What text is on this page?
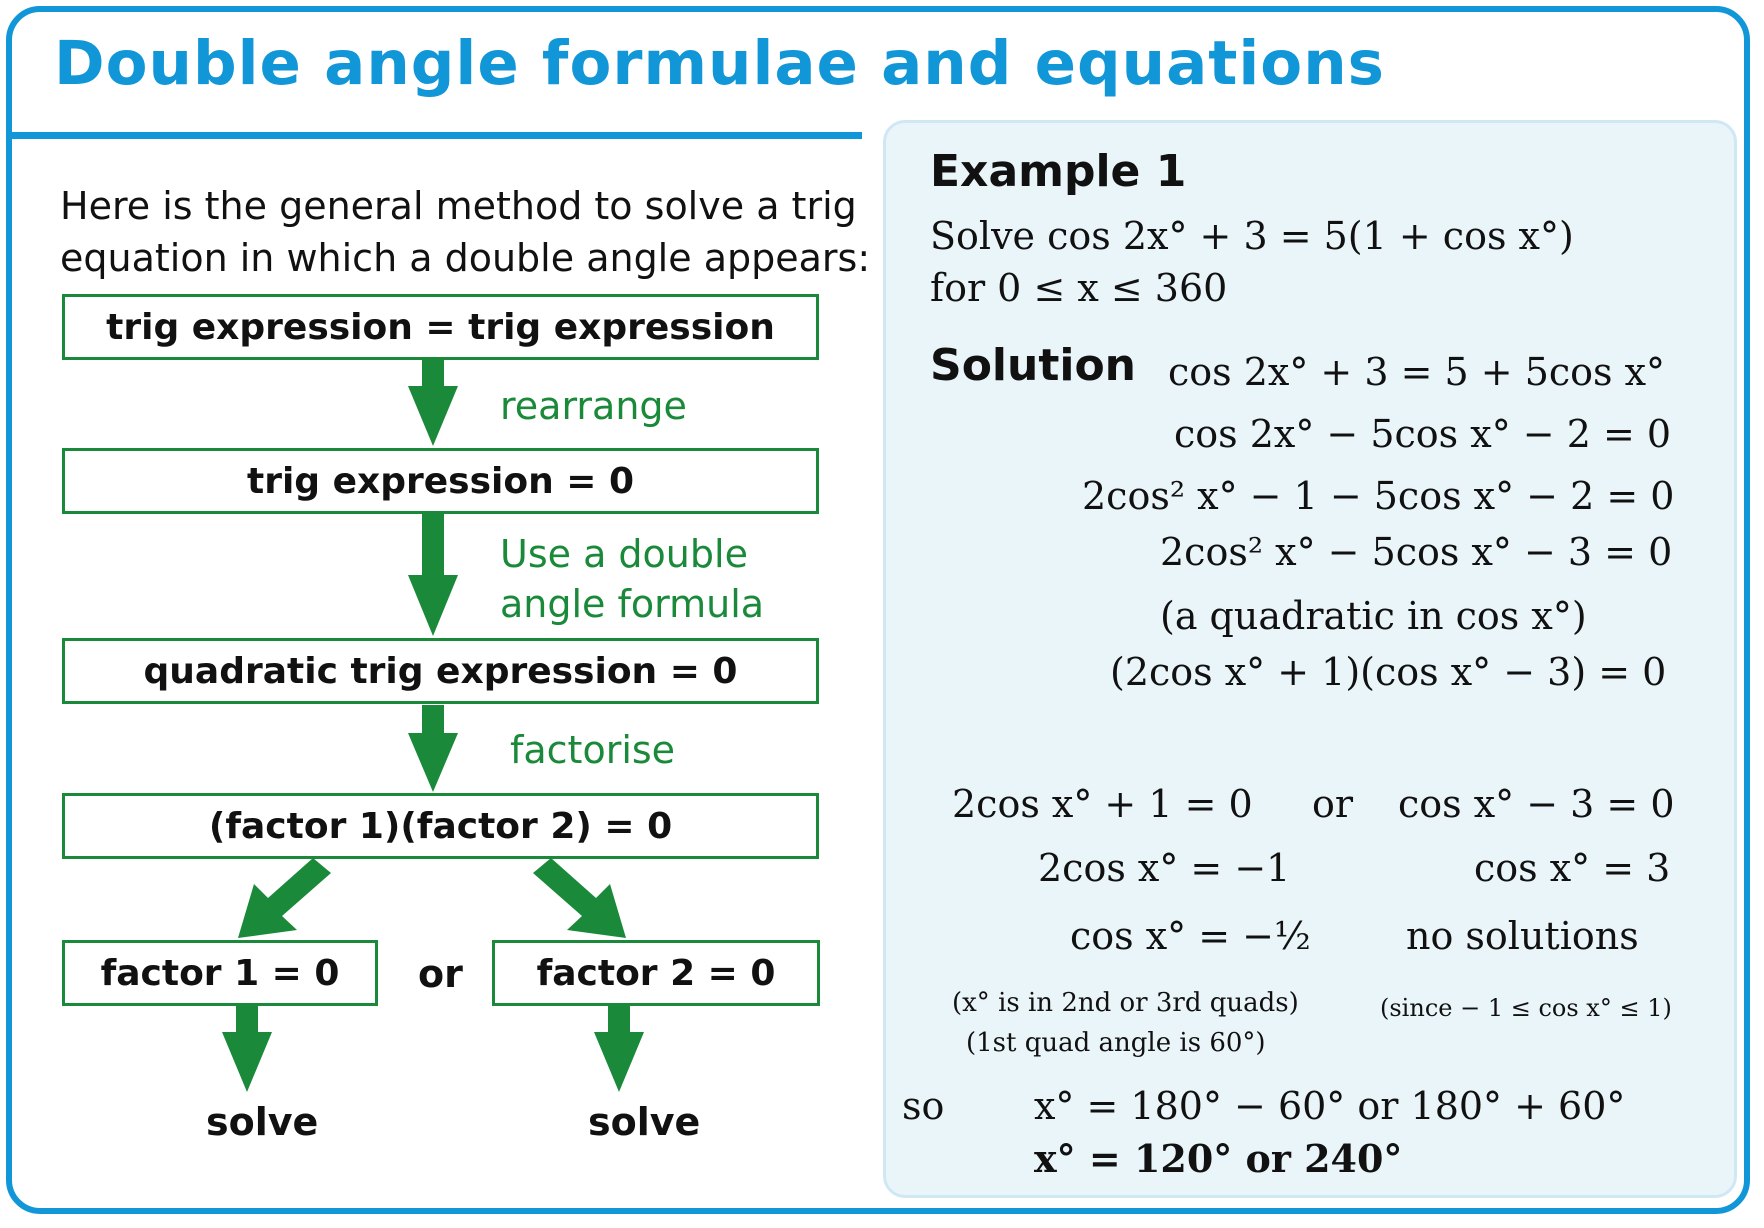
Double angle formulae and equations
Here is the general method to solve a trig
equation in which a double angle appears:
trig expression = trig expression
rearrange
trig expression = 0
Use a double
angle formula
quadratic trig expression = 0
factorise
(factor 1)(factor 2) = 0
factor 1 = 0	or	factor 2 = 0
solve	solve
Example 1
Solve cos 2x° + 3 = 5(1 + cos x°)
for 0 ≤ x ≤ 360
Solution cos 2x° + 3 = 5 + 5cos x°
cos 2x° − 5cos x° − 2 = 0
2cos² x° − 1 − 5cos x° − 2 = 0
2cos² x° − 5cos x° − 3 = 0
(a quadratic in cos x°)
(2cos x° + 1)(cos x° − 3) = 0
2cos x° + 1 = 0 or cos x° − 3 = 0
2cos x° = −1	cos x° = 3
cos x° = −½	no solutions
(x° is in 2nd or 3rd quads)
(1st quad angle is 60°)
(since − 1 ≤ cos x° ≤ 1)
so x° = 180° − 60° or 180° + 60°
x° = 120° or 240°
